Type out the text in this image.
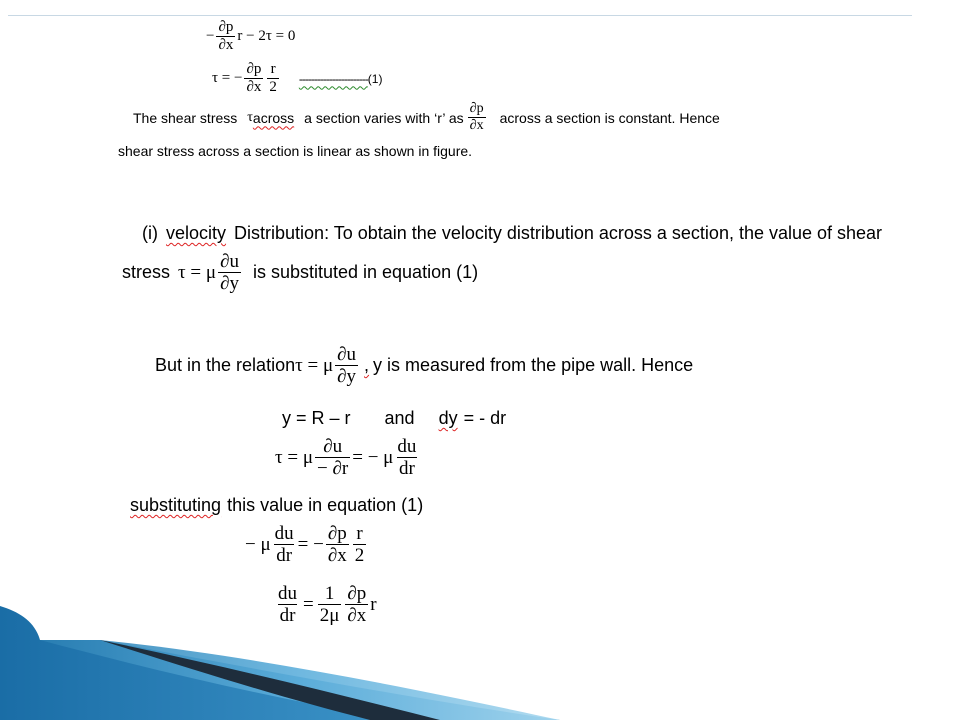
− $\frac{\partial p}{\partial x}$ r − 2τ = 0
τ = − $\frac{\partial p}{\partial x} \frac{r}{2} -----------------------(1)$
The shear stress τ across a section varies with ‘r’ as $\frac{\partial p}{\partial x}$ across a section is constant. Hence
shear stress across a section is linear as shown in figure.
(i) velocity Distribution: To obtain the velocity distribution across a section, the value of shear
stress τ = μ $\frac{\partial u}{\partial y}$ is substituted in equation (1)
But in the relation τ = μ $\frac{\partial u}{\partial y}$ , y is measured from the pipe wall. Hence
y = R – r and dy = - dr
τ = μ $\frac{\partial u}{- \partial r}$ = − μ $\frac{du}{dr}$
substituting this value in equation (1)
− μ $\frac{du}{dr}$ = − $\frac{\partial p}{\partial x} \frac{r}{2}$
$\frac{du}{dr} = \frac{1}{2\mu} \frac{\partial p}{\partial x}$ r
